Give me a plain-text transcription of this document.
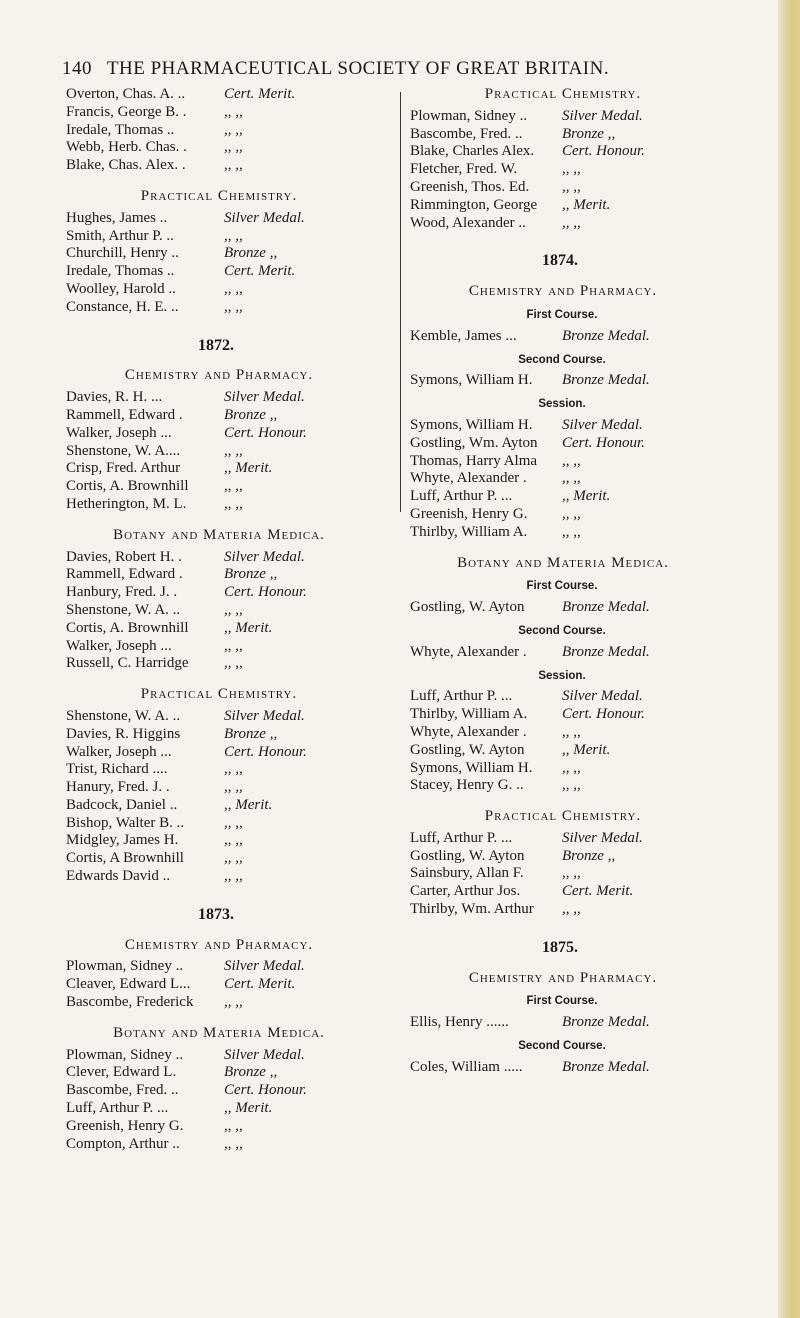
140 THE PHARMACEUTICAL SOCIETY OF GREAT BRITAIN.
Overton, Chas. A. ..	Cert. Merit.
Francis, George B. .	,, ,,
Iredale, Thomas ..	,, ,,
Webb, Herb. Chas. .	,, ,,
Blake, Chas. Alex. .	,, ,,
Practical Chemistry.
Hughes, James ..	Silver Medal.
Smith, Arthur P. ..	,, ,,
Churchill, Henry ..	Bronze ,,
Iredale, Thomas ..	Cert. Merit.
Woolley, Harold ..	,, ,,
Constance, H. E. ..	,, ,,
1872.
Chemistry and Pharmacy.
Davies, R. H. ...	Silver Medal.
Rammell, Edward .	Bronze ,,
Walker, Joseph ...	Cert. Honour.
Shenstone, W. A....	,, ,,
Crisp, Fred. Arthur	,, Merit.
Cortis, A. Brownhill	,, ,,
Hetherington, M. L.	,, ,,
Botany and Materia Medica.
Davies, Robert H. .	Silver Medal.
Rammell, Edward .	Bronze ,,
Hanbury, Fred. J. .	Cert. Honour.
Shenstone, W. A. ..	,, ,,
Cortis, A. Brownhill	,, Merit.
Walker, Joseph ...	,, ,,
Russell, C. Harridge	,, ,,
Practical Chemistry.
Shenstone, W. A. ..	Silver Medal.
Davies, R. Higgins	Bronze ,,
Walker, Joseph ...	Cert. Honour.
Trist, Richard ....	,, ,,
Hanury, Fred. J. .	,, ,,
Badcock, Daniel ..	,, Merit.
Bishop, Walter B. ..	,, ,,
Midgley, James H.	,, ,,
Cortis, A Brownhill	,, ,,
Edwards David ..	,, ,,
1873.
Chemistry and Pharmacy.
Plowman, Sidney ..	Silver Medal.
Cleaver, Edward L...	Cert. Merit.
Bascombe, Frederick	,, ,,
Botany and Materia Medica.
Plowman, Sidney ..	Silver Medal.
Clever, Edward L.	Bronze ,,
Bascombe, Fred. ..	Cert. Honour.
Luff, Arthur P. ...	,, Merit.
Greenish, Henry G.	,, ,,
Compton, Arthur ..	,, ,,
Practical Chemistry.
Plowman, Sidney ..	Silver Medal.
Bascombe, Fred. ..	Bronze ,,
Blake, Charles Alex.	Cert. Honour.
Fletcher, Fred. W.	,, ,,
Greenish, Thos. Ed.	,, ,,
Rimmington, George	,, Merit.
Wood, Alexander ..	,, ,,
1874.
Chemistry and Pharmacy.
First Course.
Kemble, James ...	Bronze Medal.
Second Course.
Symons, William H.	Bronze Medal.
Session.
Symons, William H.	Silver Medal.
Gostling, Wm. Ayton	Cert. Honour.
Thomas, Harry Alma	,, ,,
Whyte, Alexander .	,, ,,
Luff, Arthur P. ...	,, Merit.
Greenish, Henry G.	,, ,,
Thirlby, William A.	,, ,,
Botany and Materia Medica.
First Course.
Gostling, W. Ayton	Bronze Medal.
Second Course.
Whyte, Alexander .	Bronze Medal.
Session.
Luff, Arthur P. ...	Silver Medal.
Thirlby, William A.	Cert. Honour.
Whyte, Alexander .	,, ,,
Gostling, W. Ayton	,, Merit.
Symons, William H.	,, ,,
Stacey, Henry G. ..	,, ,,
Practical Chemistry.
Luff, Arthur P. ...	Silver Medal.
Gostling, W. Ayton	Bronze ,,
Sainsbury, Allan F.	,, ,,
Carter, Arthur Jos.	Cert. Merit.
Thirlby, Wm. Arthur	,, ,,
1875.
Chemistry and Pharmacy.
First Course.
Ellis, Henry ......	Bronze Medal.
Second Course.
Coles, William .....	Bronze Medal.
